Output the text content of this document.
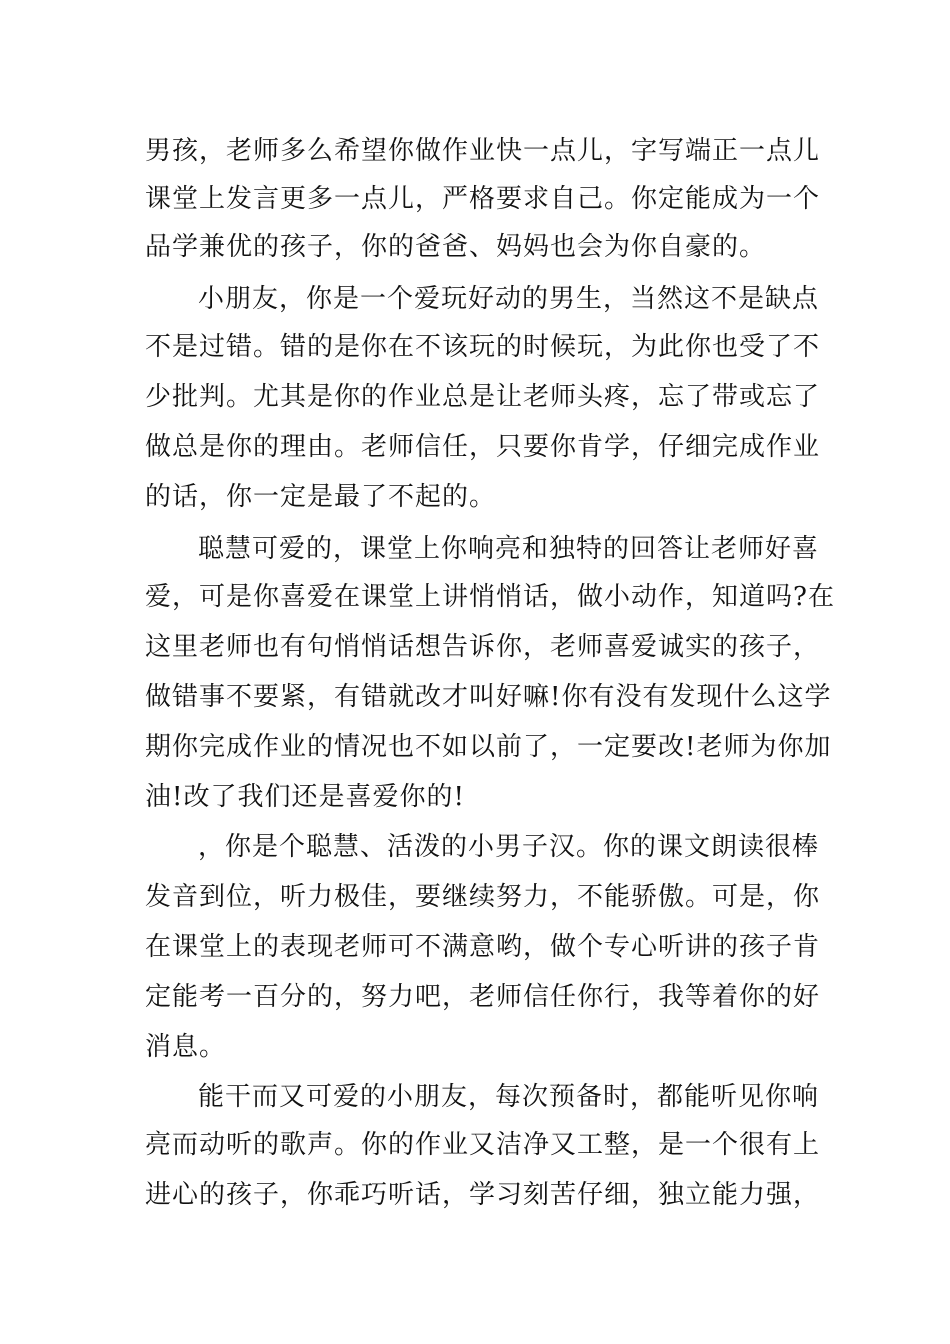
男孩，老师多么希望你做作业快一点儿，字写端正一点儿
课堂上发言更多一点儿，严格要求自己。你定能成为一个
品学兼优的孩子，你的爸爸、妈妈也会为你自豪的。
小朋友，你是一个爱玩好动的男生，当然这不是缺点
不是过错。错的是你在不该玩的时候玩，为此你也受了不
少批判。尤其是你的作业总是让老师头疼，忘了带或忘了
做总是你的理由。老师信任，只要你肯学，仔细完成作业
的话，你一定是最了不起的。
聪慧可爱的，课堂上你响亮和独特的回答让老师好喜
爱，可是你喜爱在课堂上讲悄悄话，做小动作，知道吗?在
这里老师也有句悄悄话想告诉你，老师喜爱诚实的孩子，
做错事不要紧，有错就改才叫好嘛!你有没有发现什么这学
期你完成作业的情况也不如以前了，一定要改!老师为你加
油!改了我们还是喜爱你的!
，你是个聪慧、活泼的小男子汉。你的课文朗读很棒
发音到位，听力极佳，要继续努力，不能骄傲。可是，你
在课堂上的表现老师可不满意哟，做个专心听讲的孩子肯
定能考一百分的，努力吧，老师信任你行，我等着你的好
消息。
能干而又可爱的小朋友，每次预备时，都能听见你响
亮而动听的歌声。你的作业又洁净又工整，是一个很有上
进心的孩子，你乖巧听话，学习刻苦仔细，独立能力强，
